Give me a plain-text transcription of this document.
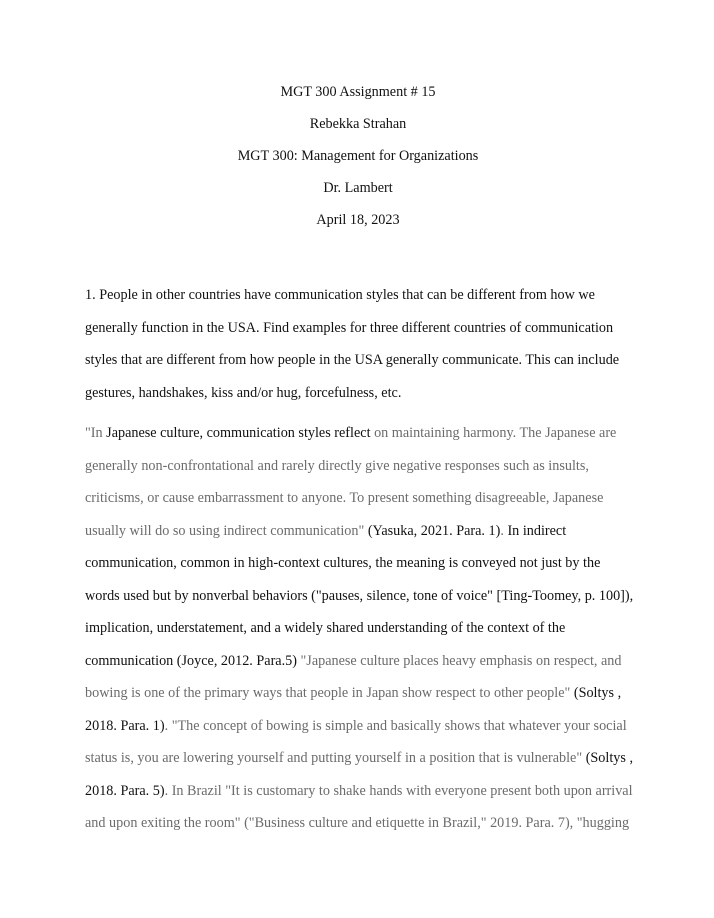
MGT 300 Assignment # 15
Rebekka Strahan
MGT 300: Management for Organizations
Dr. Lambert
April 18, 2023
1. People in other countries have communication styles that can be different from how we
generally function in the USA. Find examples for three different countries of communication
styles that are different from how people in the USA generally communicate. This can include
gestures, handshakes, kiss and/or hug, forcefulness, etc.
"In Japanese culture, communication styles reflect on maintaining harmony. The Japanese are
generally non-confrontational and rarely directly give negative responses such as insults,
criticisms, or cause embarrassment to anyone. To present something disagreeable, Japanese
usually will do so using indirect communication" (Yasuka, 2021. Para. 1). In indirect
communication, common in high-context cultures, the meaning is conveyed not just by the
words used but by nonverbal behaviors ("pauses, silence, tone of voice" [Ting-Toomey, p. 100]),
implication, understatement, and a widely shared understanding of the context of the
communication (Joyce, 2012. Para.5) "Japanese culture places heavy emphasis on respect, and
bowing is one of the primary ways that people in Japan show respect to other people" (Soltys ,
2018. Para. 1). "The concept of bowing is simple and basically shows that whatever your social
status is, you are lowering yourself and putting yourself in a position that is vulnerable" (Soltys ,
2018. Para. 5). In Brazil "It is customary to shake hands with everyone present both upon arrival
and upon exiting the room" ("Business culture and etiquette in Brazil," 2019. Para. 7), "hugging
